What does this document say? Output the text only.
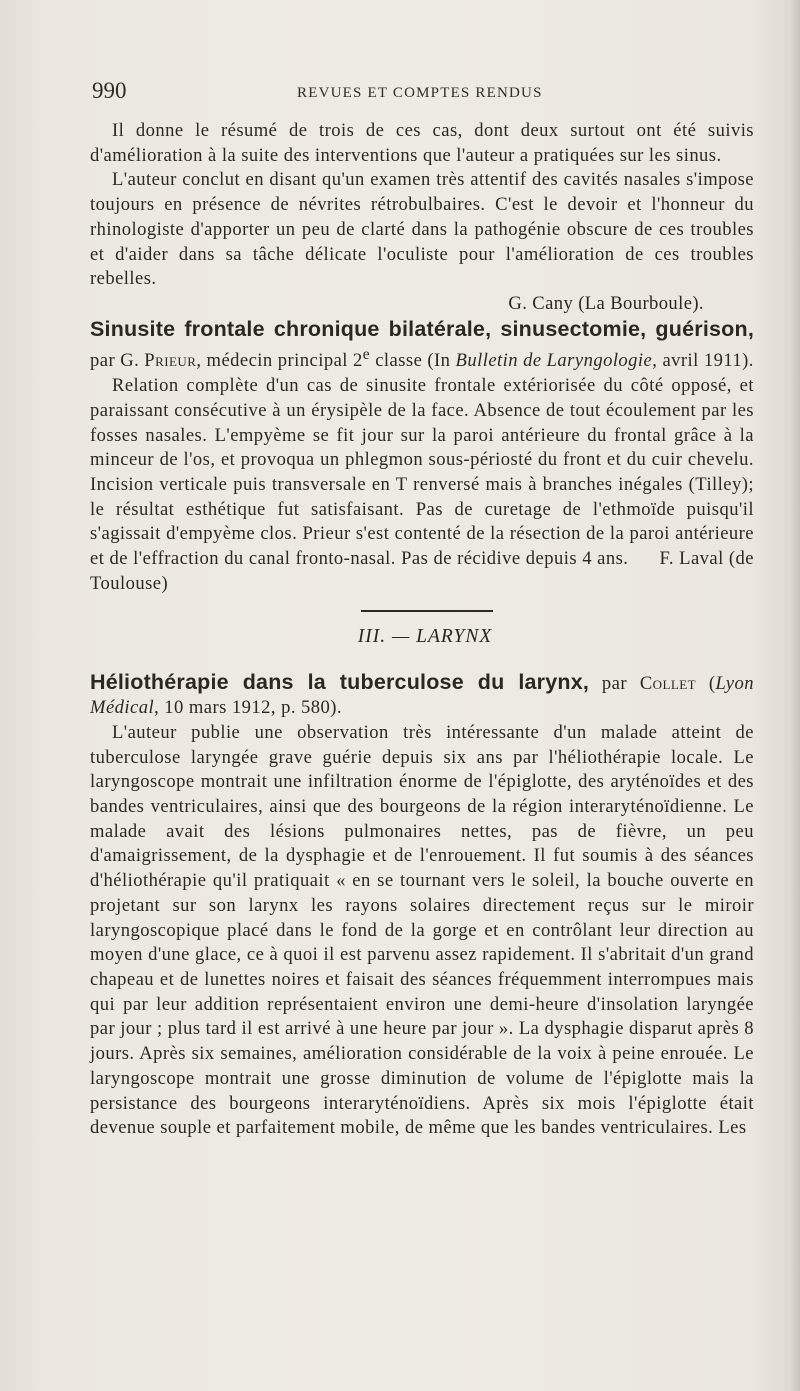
990	REVUES ET COMPTES RENDUS

Il donne le résumé de trois de ces cas, dont deux surtout ont été suivis d'amélioration à la suite des interventions que l'auteur a pratiquées sur les sinus.

L'auteur conclut en disant qu'un examen très attentif des cavités nasales s'impose toujours en présence de névrites rétrobulbaires. C'est le devoir et l'honneur du rhinologiste d'apporter un peu de clarté dans la pathogénie obscure de ces troubles et d'aider dans sa tâche délicate l'oculiste pour l'amélioration de ces troubles rebelles.

G. Cany (La Bourboule).

Sinusite frontale chronique bilatérale, sinusectomie, guérison, par G. Prieur, médecin principal 2e classe (In Bulletin de Laryngologie, avril 1911).

Relation complète d'un cas de sinusite frontale extériorisée du côté opposé, et paraissant consécutive à un érysipèle de la face. Absence de tout écoulement par les fosses nasales. L'empyème se fit jour sur la paroi antérieure du frontal grâce à la minceur de l'os, et provoqua un phlegmon sous-périosté du front et du cuir chevelu. Incision verticale puis transversale en T renversé mais à branches inégales (Tilley); le résultat esthétique fut satisfaisant. Pas de curetage de l'ethmoïde puisqu'il s'agissait d'empyème clos. Prieur s'est contenté de la résection de la paroi antérieure et de l'effraction du canal fronto-nasal. Pas de récidive depuis 4 ans. F. Laval (de Toulouse)

III. — LARYNX

Héliothérapie dans la tuberculose du larynx, par Collet (Lyon Médical, 10 mars 1912, p. 580).

L'auteur publie une observation très intéressante d'un malade atteint de tuberculose laryngée grave guérie depuis six ans par l'héliothérapie locale. Le laryngoscope montrait une infiltration énorme de l'épiglotte, des aryténoïdes et des bandes ventriculaires, ainsi que des bourgeons de la région interaryténoïdienne. Le malade avait des lésions pulmonaires nettes, pas de fièvre, un peu d'amaigrissement, de la dysphagie et de l'enrouement. Il fut soumis à des séances d'héliothérapie qu'il pratiquait « en se tournant vers le soleil, la bouche ouverte en projetant sur son larynx les rayons solaires directement reçus sur le miroir laryngoscopique placé dans le fond de la gorge et en contrôlant leur direction au moyen d'une glace, ce à quoi il est parvenu assez rapidement. Il s'abritait d'un grand chapeau et de lunettes noires et faisait des séances fréquemment interrompues mais qui par leur addition représentaient environ une demi-heure d'insolation laryngée par jour ; plus tard il est arrivé à une heure par jour ». La dysphagie disparut après 8 jours. Après six semaines, amélioration considérable de la voix à peine enrouée. Le laryngoscope montrait une grosse diminution de volume de l'épiglotte mais la persistance des bourgeons interaryténoïdiens. Après six mois l'épiglotte était devenue souple et parfaitement mobile, de même que les bandes ventriculaires. Les
